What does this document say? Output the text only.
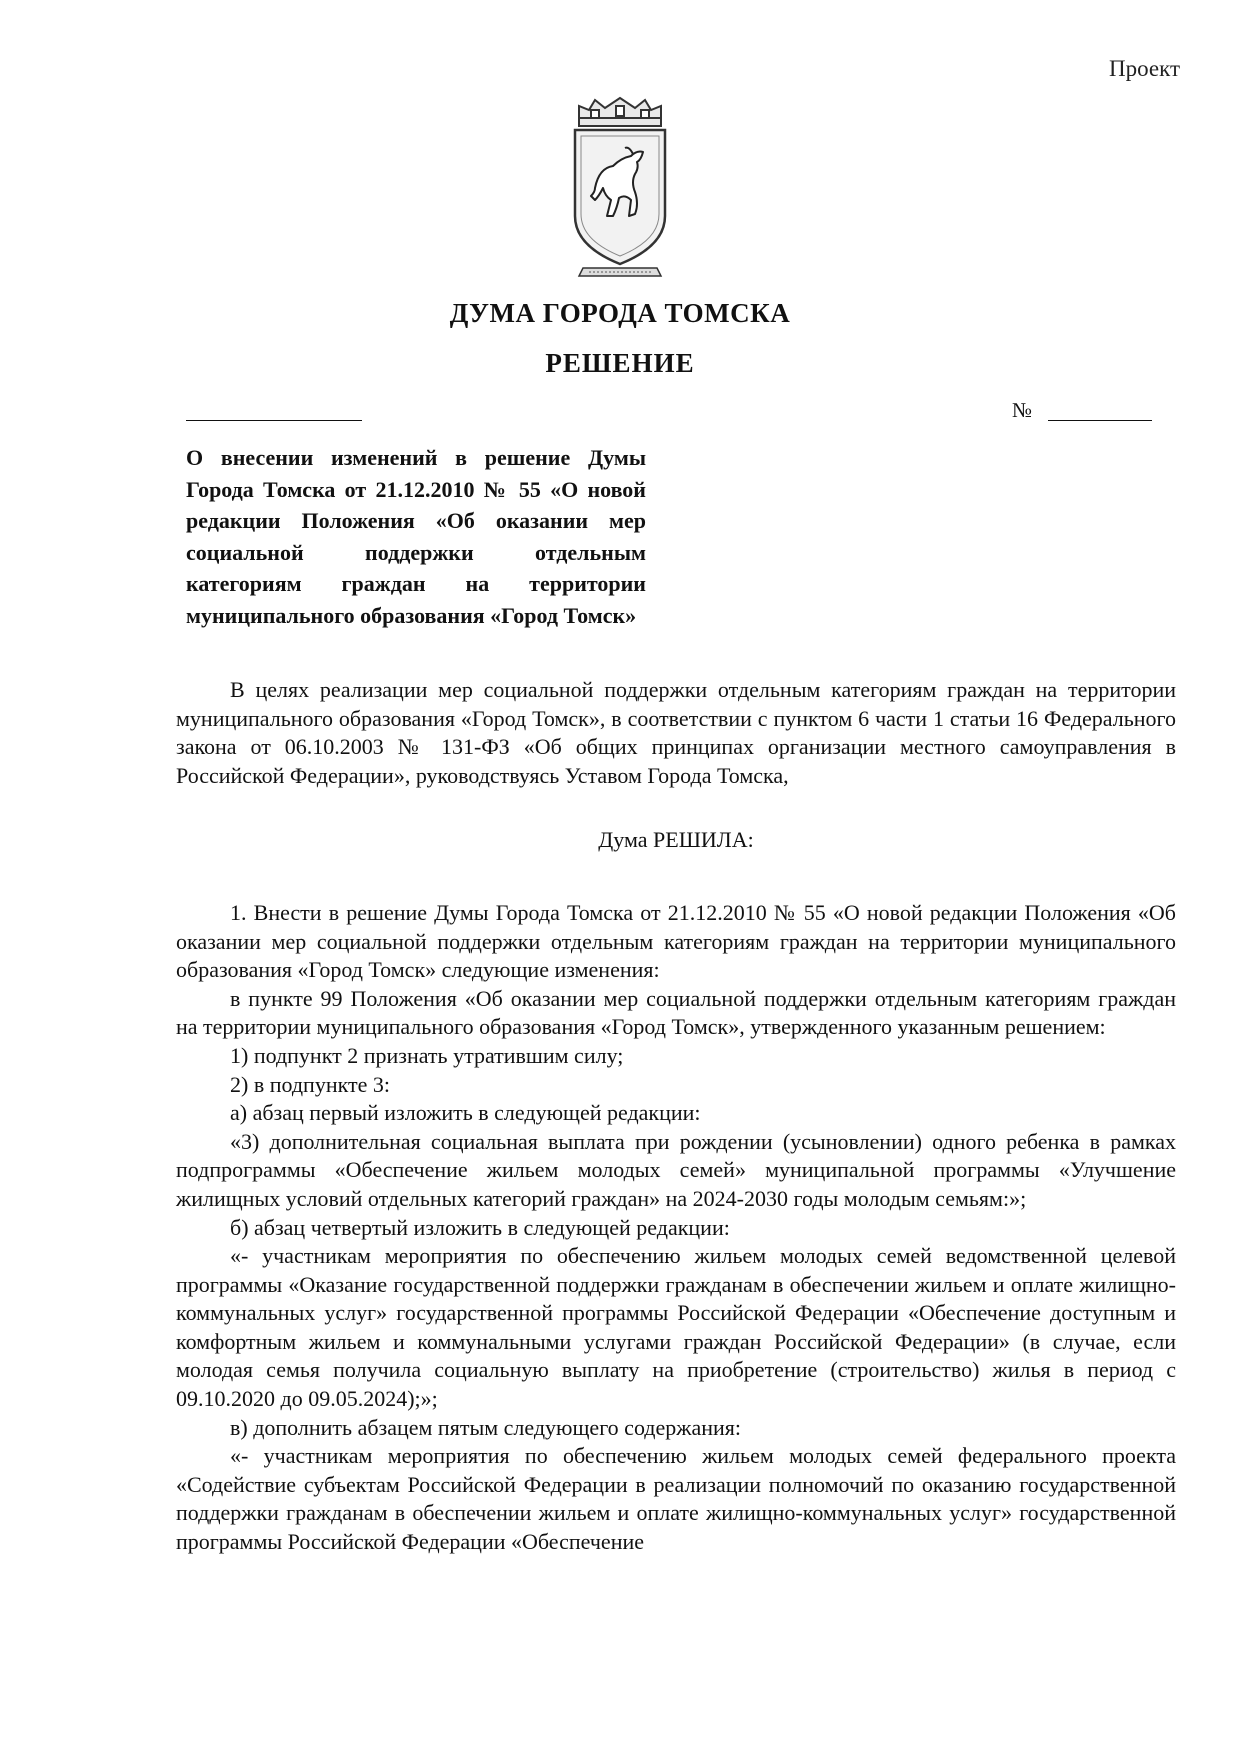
Проект
ДУМА ГОРОДА ТОМСКА
РЕШЕНИЕ
№
О внесении изменений в решение Думы Города Томска от 21.12.2010 № 55 «О новой редакции Положения «Об оказании мер социальной поддержки отдельным категориям граждан на территории муниципального образования «Город Томск»

В целях реализации мер социальной поддержки отдельным категориям граждан на территории муниципального образования «Город Томск», в соответствии с пунктом 6 части 1 статьи 16 Федерального закона от 06.10.2003 № 131-ФЗ «Об общих принципах организации местного самоуправления в Российской Федерации», руководствуясь Уставом Города Томска,

Дума РЕШИЛА:

1. Внести в решение Думы Города Томска от 21.12.2010 № 55 «О новой редакции Положения «Об оказании мер социальной поддержки отдельным категориям граждан на территории муниципального образования «Город Томск» следующие изменения:

в пункте 99 Положения «Об оказании мер социальной поддержки отдельным категориям граждан на территории муниципального образования «Город Томск», утвержденного указанным решением:

1) подпункт 2 признать утратившим силу;

2) в подпункте 3:

а) абзац первый изложить в следующей редакции:

«3) дополнительная социальная выплата при рождении (усыновлении) одного ребенка в рамках подпрограммы «Обеспечение жильем молодых семей» муниципальной программы «Улучшение жилищных условий отдельных категорий граждан» на 2024-2030 годы молодым семьям:»;

б) абзац четвертый изложить в следующей редакции:

«- участникам мероприятия по обеспечению жильем молодых семей ведомственной целевой программы «Оказание государственной поддержки гражданам в обеспечении жильем и оплате жилищно-коммунальных услуг» государственной программы Российской Федерации «Обеспечение доступным и комфортным жильем и коммунальными услугами граждан Российской Федерации» (в случае, если молодая семья получила социальную выплату на приобретение (строительство) жилья в период с 09.10.2020 до 09.05.2024);»;

в) дополнить абзацем пятым следующего содержания:

«- участникам мероприятия по обеспечению жильем молодых семей федерального проекта «Содействие субъектам Российской Федерации в реализации полномочий по оказанию государственной поддержки гражданам в обеспечении жильем и оплате жилищно-коммунальных услуг» государственной программы Российской Федерации «Обеспечение
